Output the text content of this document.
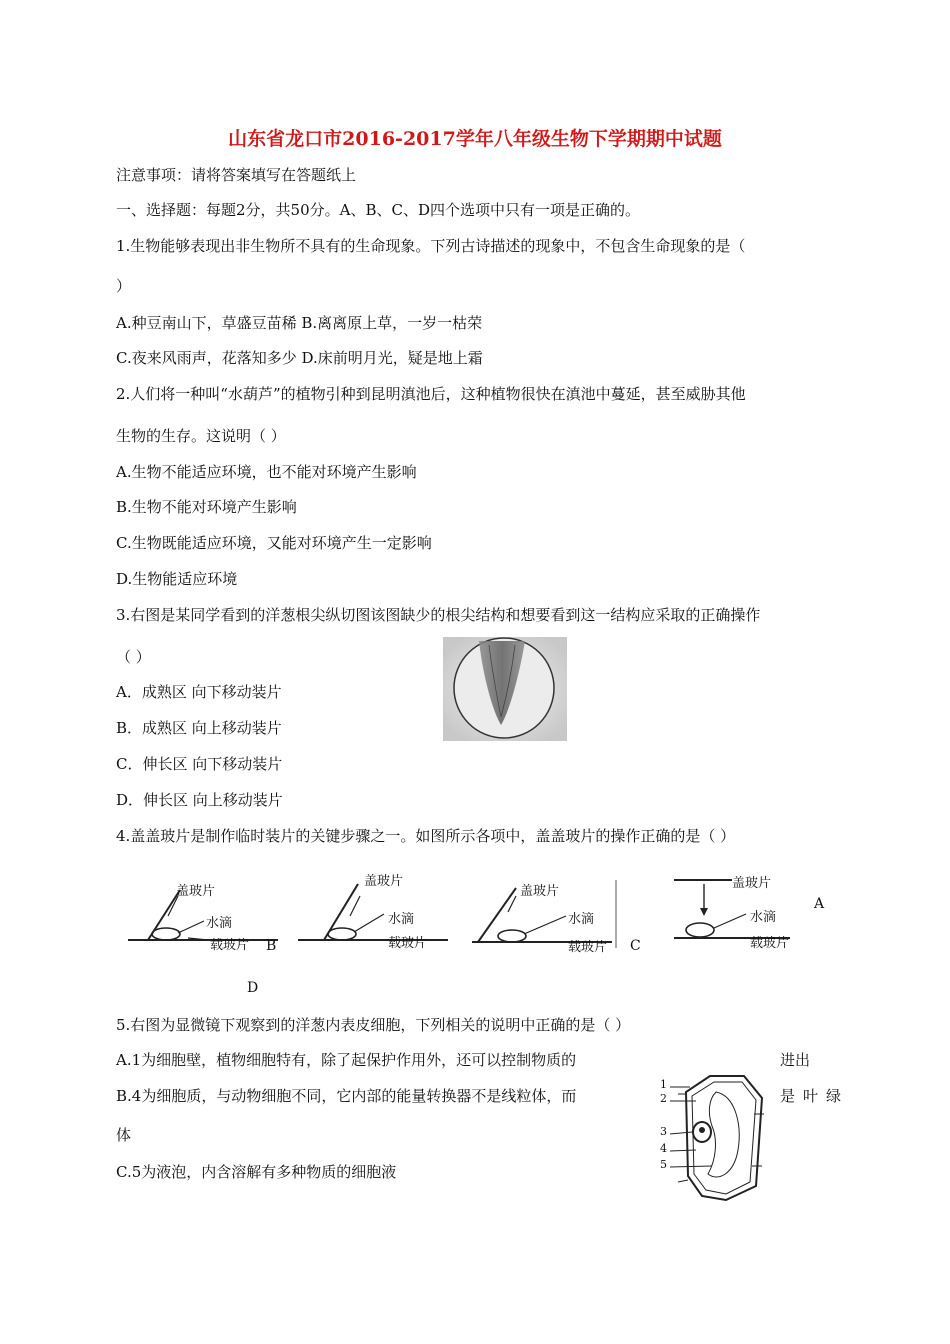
山东省龙口市2016-2017学年八年级生物下学期期中试题
注意事项：请将答案填写在答题纸上
一、选择题：每题2分，共50分。A、B、C、D四个选项中只有一项是正确的。
1.生物能够表现出非生物所不具有的生命现象。下列古诗描述的现象中，不包含生命现象的是（
）
A.种豆南山下，草盛豆苗稀 B.离离原上草，一岁一枯荣
C.夜来风雨声，花落知多少 D.床前明月光，疑是地上霜
2.人们将一种叫“水葫芦”的植物引种到昆明滇池后，这种植物很快在滇池中蔓延，甚至威胁其他
生物的生存。这说明（ ）
A.生物不能适应环境，也不能对环境产生影响
B.生物不能对环境产生影响
C.生物既能适应环境，又能对环境产生一定影响
D.生物能适应环境
3.右图是某同学看到的洋葱根尖纵切图该图缺少的根尖结构和想要看到这一结构应采取的正确操作
（ ）
A．成熟区 向下移动装片
B．成熟区 向上移动装片
C．伸长区 向下移动装片
D．伸长区 向上移动装片
4.盖盖玻片是制作临时装片的关键步骤之一。如图所示各项中，盖盖玻片的操作正确的是（ ）
盖玻片
水滴
载玻片 B
盖玻片
水滴
载玻片
盖玻片
水滴
载玻片 C
盖玻片
水滴
载玻片
A
D
5.右图为显微镜下观察到的洋葱内表皮细胞，下列相关的说明中正确的是（ ）
A.1为细胞壁，植物细胞特有，除了起保护作用外，还可以控制物质的	进出
B.4为细胞质，与动物细胞不同，它内部的能量转换器不是线粒体，而	是叶绿
体
C.5为液泡，内含溶解有多种物质的细胞液
1
2
3
4
5
